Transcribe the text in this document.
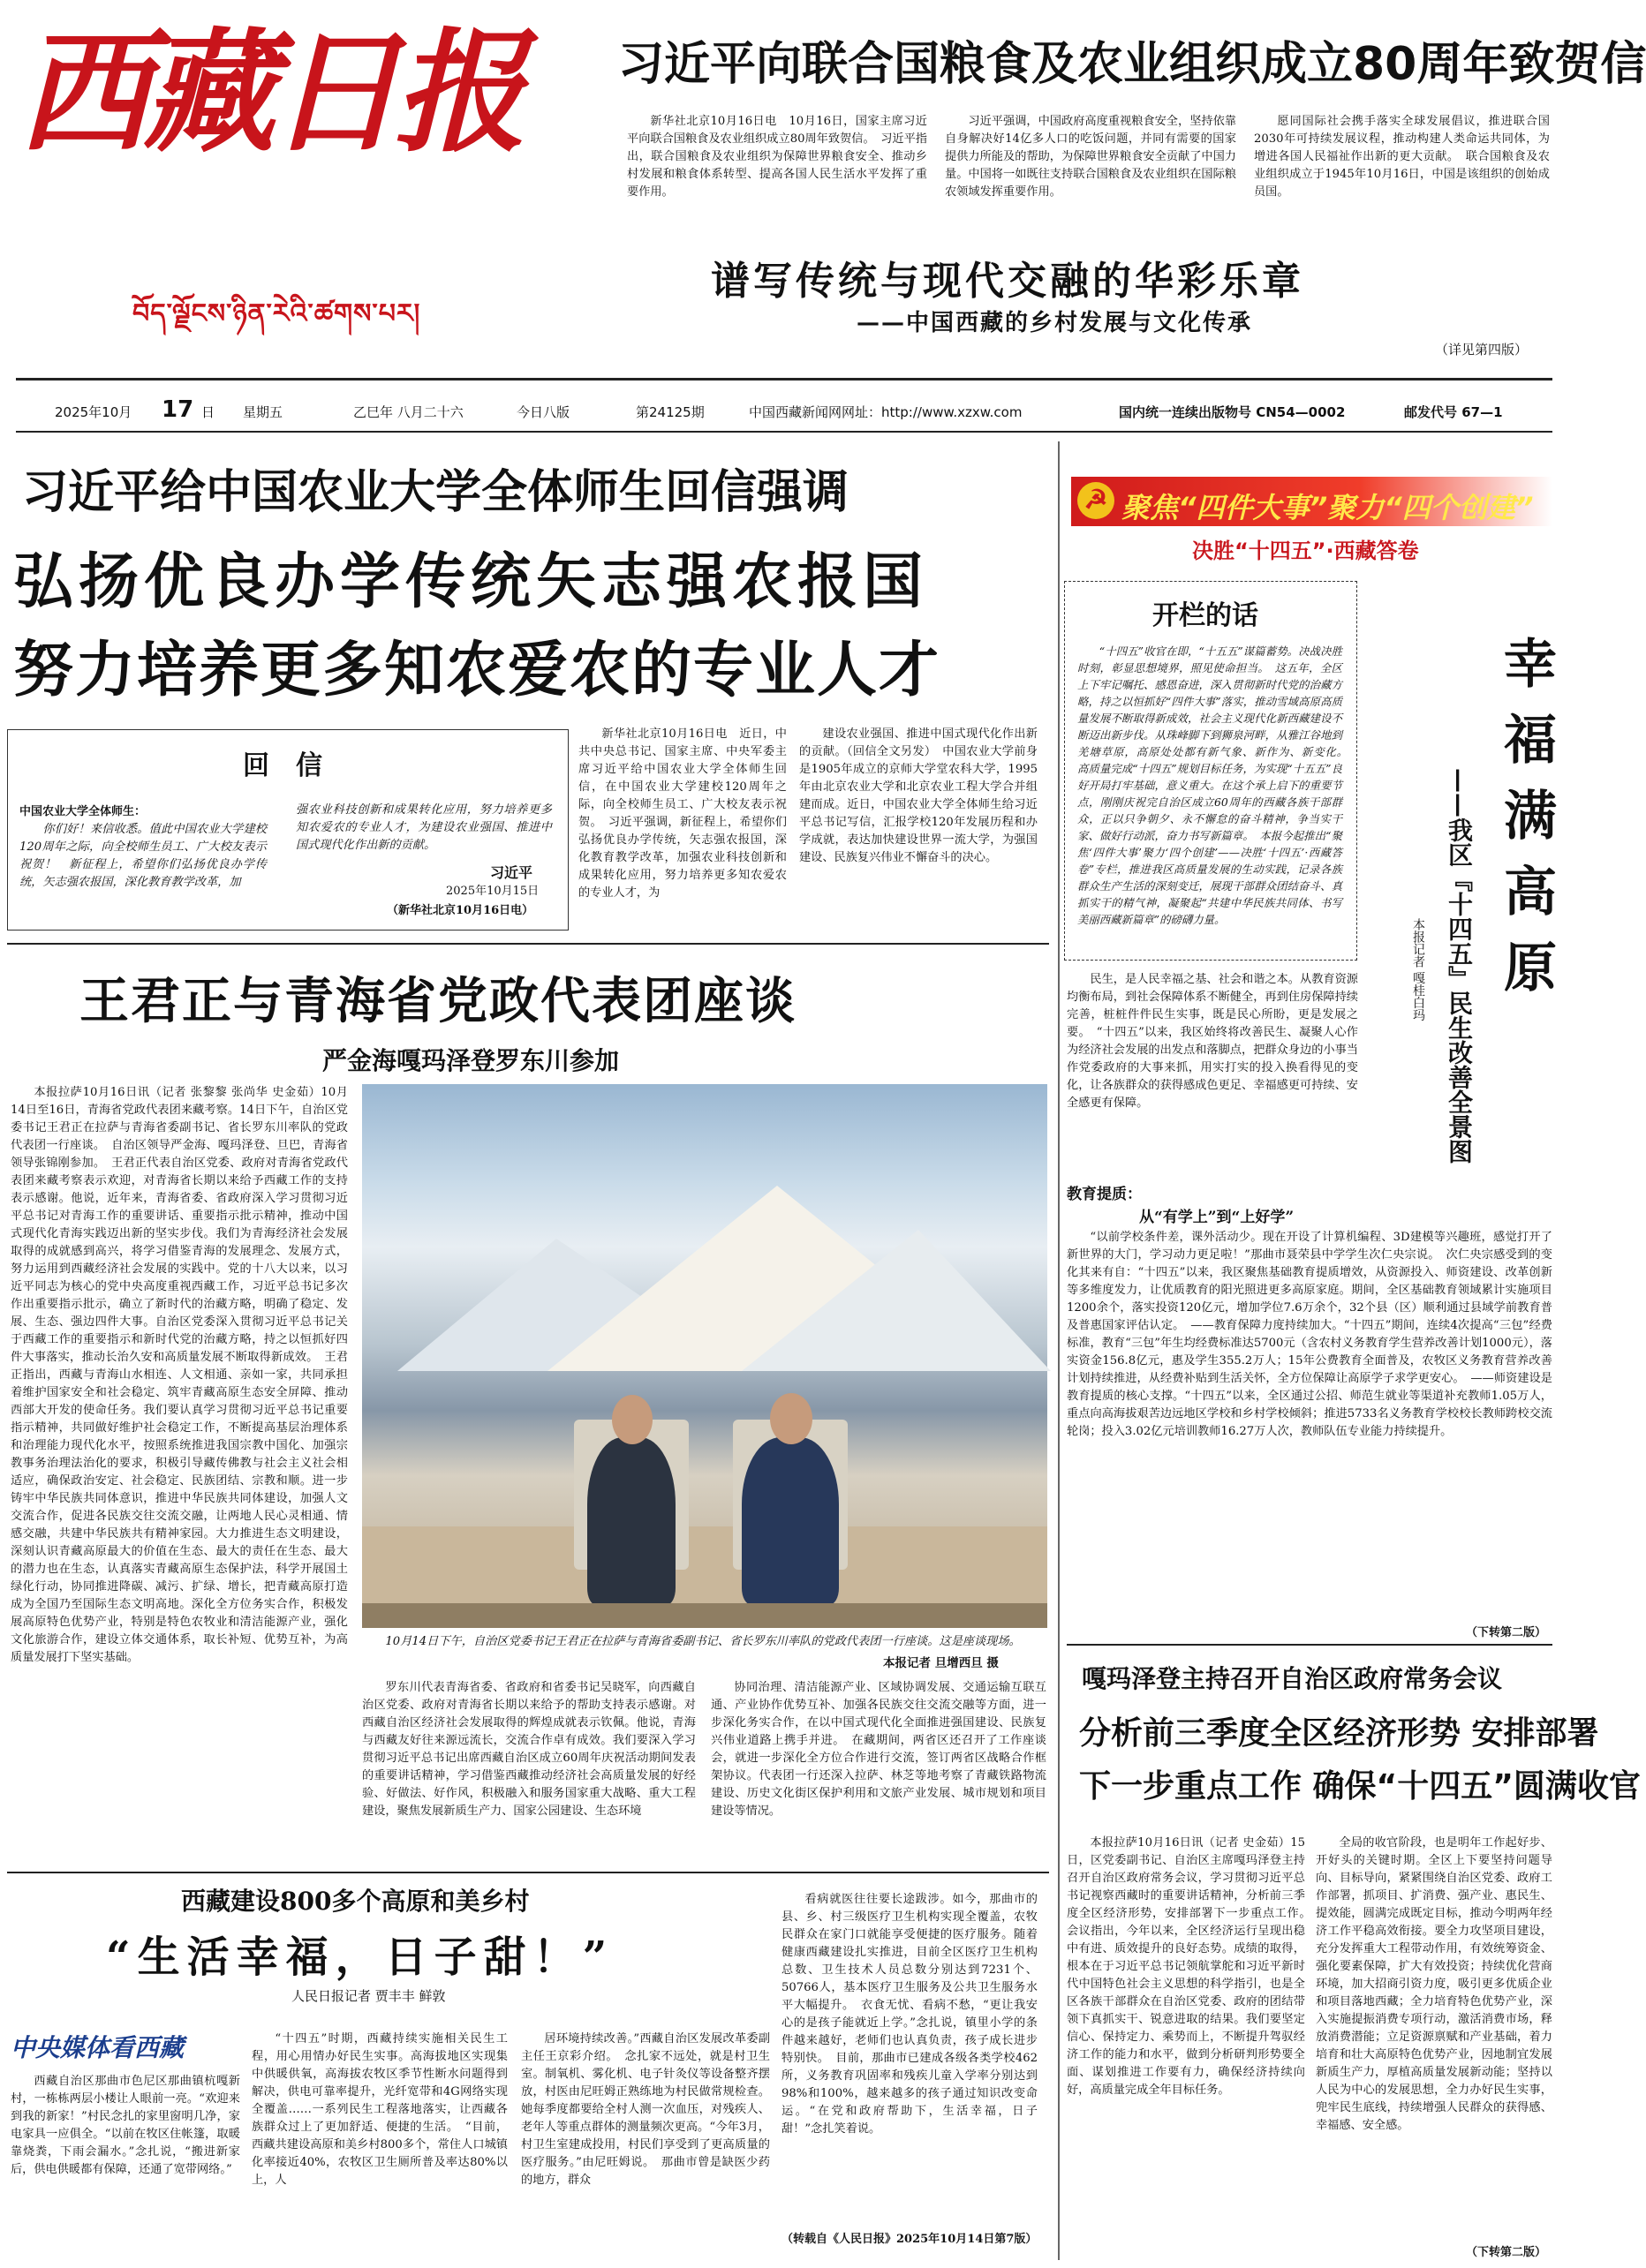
西藏日报
བོད་ལྗོངས་ཉིན་རེའི་ཚགས་པར།
习近平向联合国粮食及农业组织成立80周年致贺信
新华社北京10月16日电　10月16日，国家主席习近平向联合国粮食及农业组织成立80周年致贺信。　习近平指出，联合国粮食及农业组织为保障世界粮食安全、推动乡村发展和粮食体系转型、提高各国人民生活水平发挥了重要作用。
习近平强调，中国政府高度重视粮食安全，坚持依靠自身解决好14亿多人口的吃饭问题，并同有需要的国家提供力所能及的帮助，为保障世界粮食安全贡献了中国力量。中国将一如既往支持联合国粮食及农业组织在国际粮农领域发挥重要作用。
愿同国际社会携手落实全球发展倡议，推进联合国2030年可持续发展议程，推动构建人类命运共同体，为增进各国人民福祉作出新的更大贡献。　联合国粮食及农业组织成立于1945年10月16日，中国是该组织的创始成员国。
谱写传统与现代交融的华彩乐章
——中国西藏的乡村发展与文化传承
（详见第四版）
2025年10月 17 日 星期五	乙巳年 八月二十六	今日八版	第24125期	中国西藏新闻网网址：http://www.xzxw.com	国内统一连续出版物号 CN54—0002	邮发代号 67—1
习近平给中国农业大学全体师生回信强调
弘扬优良办学传统矢志强农报国
努力培养更多知农爱农的专业人才
回　信
中国农业大学全体师生：
你们好！来信收悉。值此中国农业大学建校120周年之际，向全校师生员工、广大校友表示祝贺！　新征程上，希望你们弘扬优良办学传统，矢志强农报国，深化教育教学改革，加
强农业科技创新和成果转化应用，努力培养更多知农爱农的专业人才，为建设农业强国、推进中国式现代化作出新的贡献。
习近平
2025年10月15日
（新华社北京10月16日电）
新华社北京10月16日电　近日，中共中央总书记、国家主席、中央军委主席习近平给中国农业大学全体师生回信，在中国农业大学建校120周年之际，向全校师生员工、广大校友表示祝贺。　习近平强调，新征程上，希望你们弘扬优良办学传统，矢志强农报国，深化教育教学改革，加强农业科技创新和成果转化应用，努力培养更多知农爱农的专业人才，为
建设农业强国、推进中国式现代化作出新的贡献。（回信全文另发）　中国农业大学前身是1905年成立的京师大学堂农科大学，1995年由北京农业大学和北京农业工程大学合并组建而成。近日，中国农业大学全体师生给习近平总书记写信，汇报学校120年发展历程和办学成就，表达加快建设世界一流大学，为强国建设、民族复兴伟业不懈奋斗的决心。
王君正与青海省党政代表团座谈
严金海嘎玛泽登罗东川参加
本报拉萨10月16日讯（记者 张黎黎 张尚华 史金茹）10月14日至16日，青海省党政代表团来藏考察。14日下午，自治区党委书记王君正在拉萨与青海省委副书记、省长罗东川率队的党政代表团一行座谈。　自治区领导严金海、嘎玛泽登、旦巴，青海省领导张锦刚参加。　王君正代表自治区党委、政府对青海省党政代表团来藏考察表示欢迎，对青海省长期以来给予西藏工作的支持表示感谢。他说，近年来，青海省委、省政府深入学习贯彻习近平总书记对青海工作的重要讲话、重要指示批示精神，推动中国式现代化青海实践迈出新的坚实步伐。我们为青海经济社会发展取得的成就感到高兴，将学习借鉴青海的发展理念、发展方式，努力运用到西藏经济社会发展的实践中。党的十八大以来，以习近平同志为核心的党中央高度重视西藏工作，习近平总书记多次作出重要指示批示，确立了新时代的治藏方略，明确了稳定、发展、生态、强边四件大事。自治区党委深入贯彻习近平总书记关于西藏工作的重要指示和新时代党的治藏方略，持之以恒抓好四件大事落实，推动长治久安和高质量发展不断取得新成效。　王君正指出，西藏与青海山水相连、人文相通、亲如一家，共同承担着维护国家安全和社会稳定、筑牢青藏高原生态安全屏障、推动西部大开发的使命任务。我们要认真学习贯彻习近平总书记重要指示精神，共同做好维护社会稳定工作，不断提高基层治理体系和治理能力现代化水平，按照系统推进我国宗教中国化、加强宗教事务治理法治化的要求，积极引导藏传佛教与社会主义社会相适应，确保政治安定、社会稳定、民族团结、宗教和顺。进一步铸牢中华民族共同体意识，推进中华民族共同体建设，加强人文交流合作，促进各民族交往交流交融，让两地人民心灵相通、情感交融，共建中华民族共有精神家园。大力推进生态文明建设，深刻认识青藏高原最大的价值在生态、最大的责任在生态、最大的潜力也在生态，认真落实青藏高原生态保护法，科学开展国土绿化行动，协同推进降碳、减污、扩绿、增长，把青藏高原打造成为全国乃至国际生态文明高地。深化全方位务实合作，积极发展高原特色优势产业，特别是特色农牧业和清洁能源产业，强化文化旅游合作，建设立体交通体系，取长补短、优势互补，为高质量发展打下坚实基础。
10月14日下午，自治区党委书记王君正在拉萨与青海省委副书记、省长罗东川率队的党政代表团一行座谈。这是座谈现场。
本报记者 旦增西旦 摄
罗东川代表青海省委、省政府和省委书记吴晓军，向西藏自治区党委、政府对青海省长期以来给予的帮助支持表示感谢。对西藏自治区经济社会发展取得的辉煌成就表示钦佩。他说，青海与西藏友好往来源远流长，交流合作卓有成效。我们要深入学习贯彻习近平总书记出席西藏自治区成立60周年庆祝活动期间发表的重要讲话精神，学习借鉴西藏推动经济社会高质量发展的好经验、好做法、好作风，积极融入和服务国家重大战略、重大工程建设，聚焦发展新质生产力、国家公园建设、生态环境
协同治理、清洁能源产业、区域协调发展、交通运输互联互通、产业协作优势互补、加强各民族交往交流交融等方面，进一步深化务实合作，在以中国式现代化全面推进强国建设、民族复兴伟业道路上携手并进。　在藏期间，两省区还召开了工作座谈会，就进一步深化全方位合作进行交流，签订两省区战略合作框架协议。代表团一行还深入拉萨、林芝等地考察了青藏铁路物流建设、历史文化街区保护利用和文旅产业发展、城市规划和项目建设等情况。
西藏建设800多个高原和美乡村
“生活幸福，日子甜！”
人民日报记者 贾丰丰 鲜敦
中央媒体看西藏
西藏自治区那曲市色尼区那曲镇杭嘎新村，一栋栋两层小楼让人眼前一亮。“欢迎来到我的新家！”村民念扎的家里窗明几净，家电家具一应俱全。“以前在牧区住帐篷，取暖靠烧粪，下雨会漏水。”念扎说，“搬进新家后，供电供暖都有保障，还通了宽带网络。”
“十四五”时期，西藏持续实施相关民生工程，用心用情办好民生实事。高海拔地区实现集中供暖供氧，高海拔农牧区季节性断水问题得到解决，供电可靠率提升，光纤宽带和4G网络实现全覆盖……一系列民生工程落地落实，让西藏各族群众过上了更加舒适、便捷的生活。　“目前，西藏共建设高原和美乡村800多个，常住人口城镇化率接近40%，农牧区卫生厕所普及率达80%以上，人
居环境持续改善。”西藏自治区发展改革委副主任王京彩介绍。　念扎家不远处，就是村卫生室。制氧机、雾化机、电子针灸仪等设备整齐摆放，村医由尼旺姆正熟练地为村民做常规检查。她每季度都要给全村人测一次血压，对残疾人、老年人等重点群体的测量频次更高。“今年3月，村卫生室建成投用，村民们享受到了更高质量的医疗服务。”由尼旺姆说。　那曲市曾是缺医少药的地方，群众
看病就医往往要长途跋涉。如今，那曲市的县、乡、村三级医疗卫生机构实现全覆盖，农牧民群众在家门口就能享受便捷的医疗服务。随着健康西藏建设扎实推进，目前全区医疗卫生机构总数、卫生技术人员总数分别达到7231个、50766人，基本医疗卫生服务及公共卫生服务水平大幅提升。　衣食无忧、看病不愁，“更让我安心的是孩子能就近上学。”念扎说，镇里小学的条件越来越好，老师们也认真负责，孩子成长进步特别快。　目前，那曲市已建成各级各类学校462所，义务教育巩固率和残疾儿童入学率分别达到98%和100%，越来越多的孩子通过知识改变命运。“在党和政府帮助下，生活幸福，日子甜！”念扎笑着说。
（转载自《人民日报》2025年10月14日第7版）
☭ 聚焦“四件大事”聚力“四个创建”
决胜“十四五”·西藏答卷
开栏的话
“十四五”收官在即，“十五五”谋篇蓄势。决战决胜时刻，彰显思想境界，照见使命担当。　这五年，全区上下牢记嘱托、感恩奋进，深入贯彻新时代党的治藏方略，持之以恒抓好“四件大事”落实，推动雪域高原高质量发展不断取得新成效，社会主义现代化新西藏建设不断迈出新步伐。从珠峰脚下到狮泉河畔，从雅江谷地到羌塘草原，高原处处都有新气象、新作为、新变化。　高质量完成“十四五”规划目标任务，为实现“十五五”良好开局打牢基础，意义重大。在这个承上启下的重要节点，刚刚庆祝完自治区成立60周年的西藏各族干部群众，正以只争朝夕、永不懈怠的奋斗精神，争当实干家、做好行动派，奋力书写新篇章。　本报今起推出“聚焦‘四件大事’聚力‘四个创建’——决胜‘十四五’·西藏答卷”专栏，推进我区高质量发展的生动实践，记录各族群众生产生活的深刻变迁，展现干部群众团结奋斗、真抓实干的精气神，凝聚起“共建中华民族共同体、书写美丽西藏新篇章”的磅礴力量。	幸福满高原
——我区『十四五』民生改善全景图
本报记者 嘎桂白玛
民生，是人民幸福之基、社会和谐之本。从教育资源均衡布局，到社会保障体系不断健全，再到住房保障持续完善，桩桩件件民生实事，既是民心所盼，更是发展之要。　“十四五”以来，我区始终将改善民生、凝聚人心作为经济社会发展的出发点和落脚点，把群众身边的小事当作党委政府的大事来抓，用实打实的投入换看得见的变化，让各族群众的获得感成色更足、幸福感更可持续、安全感更有保障。
教育提质：
从“有学上”到“上好学”
“以前学校条件差，课外活动少。现在开设了计算机编程、3D建模等兴趣班，感觉打开了新世界的大门，学习动力更足啦！”那曲市聂荣县中学学生次仁央宗说。　次仁央宗感受到的变化其来有自：“十四五”以来，我区聚焦基础教育提质增效，从资源投入、师资建设、改革创新等多维度发力，让优质教育的阳光照进更多高原家庭。期间，全区基础教育领域累计实施项目1200余个，落实投资120亿元，增加学位7.6万余个，32个县（区）顺利通过县域学前教育普及普惠国家评估认定。　——教育保障力度持续加大。“十四五”期间，连续4次提高“三包”经费标准，教育“三包”年生均经费标准达5700元（含农村义务教育学生营养改善计划1000元），落实资金156.8亿元，惠及学生355.2万人；15年公费教育全面普及，农牧区义务教育营养改善计划持续推进，从经费补贴到生活关怀，全方位保障让高原学子求学更安心。　——师资建设是教育提质的核心支撑。“十四五”以来，全区通过公招、师范生就业等渠道补充教师1.05万人，重点向高海拔艰苦边远地区学校和乡村学校倾斜；推进5733名义务教育学校校长教师跨校交流轮岗；投入3.02亿元培训教师16.27万人次，教师队伍专业能力持续提升。
（下转第二版）
嘎玛泽登主持召开自治区政府常务会议
分析前三季度全区经济形势 安排部署
下一步重点工作 确保“十四五”圆满收官
本报拉萨10月16日讯（记者 史金茹）15日，区党委副书记、自治区主席嘎玛泽登主持召开自治区政府常务会议，学习贯彻习近平总书记视察西藏时的重要讲话精神，分析前三季度全区经济形势，安排部署下一步重点工作。　会议指出，今年以来，全区经济运行呈现出稳中有进、质效提升的良好态势。成绩的取得，根本在于习近平总书记领航掌舵和习近平新时代中国特色社会主义思想的科学指引，也是全区各族干部群众在自治区党委、政府的团结带领下真抓实干、锐意进取的结果。我们要坚定信心、保持定力、乘势而上，不断提升驾驭经济工作的能力和水平，做到分析研判形势要全面、谋划推进工作要有力，确保经济持续向好，高质量完成全年目标任务。
全局的收官阶段，也是明年工作起好步、开好头的关键时期。全区上下要坚持问题导向、目标导向，紧紧围绕自治区党委、政府工作部署，抓项目、扩消费、强产业、惠民生、提效能，圆满完成既定目标，推动今明两年经济工作平稳高效衔接。要全力攻坚项目建设，充分发挥重大工程带动作用，有效统筹资金、强化要素保障，扩大有效投资；持续优化营商环境，加大招商引资力度，吸引更多优质企业和项目落地西藏；全力培育特色优势产业，深入实施提振消费专项行动，激活消费市场，释放消费潜能；立足资源禀赋和产业基础，着力培育和壮大高原特色优势产业，因地制宜发展新质生产力，厚植高质量发展新动能；坚持以人民为中心的发展思想，全力办好民生实事，兜牢民生底线，持续增强人民群众的获得感、幸福感、安全感。
（下转第二版）
